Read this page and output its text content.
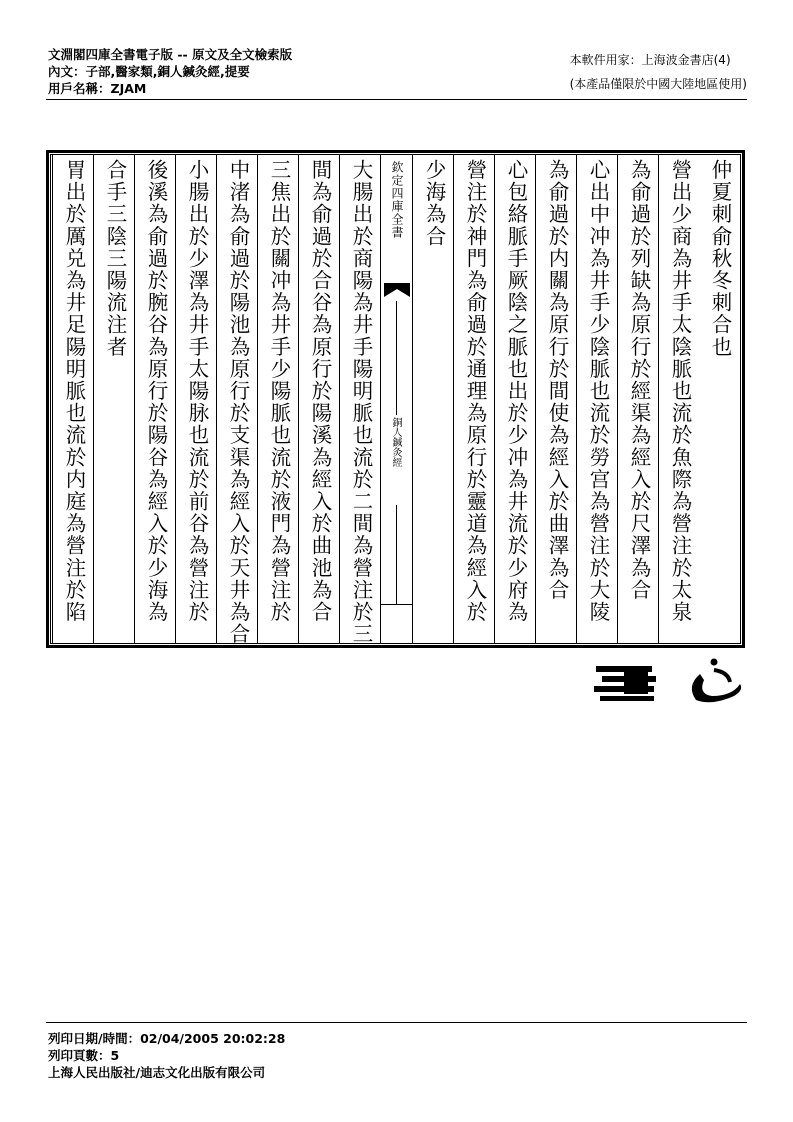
文淵閣四庫全書電子版 -- 原文及全文檢索版
內文：子部,醫家類,銅人鍼灸經,提要
用戶名稱：ZJAM
本軟件用家：上海波金書店(4)
(本產品僅限於中國大陸地區使用)

仲夏刺俞秋冬刺合也

營出少商為井手太陰脈也流於魚際為營注於太泉

為俞過於列缺為原行於經渠為經入於尺澤為合

心出中冲為井手少陰脈也流於勞宫為營注於大陵

為俞過於内關為原行於間使為經入於曲澤為合

心包絡脈手厥陰之脈也出於少冲為井流於少府為

營注於神門為俞過於通理為原行於靈道為經入於

少海為合

欽定四庫全書
銅人鍼灸經

大腸出於商陽為井手陽明脈也流於二間為營注於三

間為俞過於合谷為原行於陽溪為經入於曲池為合

三焦出於關冲為井手少陽脈也流於液門為營注於

中渚為俞過於陽池為原行於支渠為經入於天井為合

小腸出於少澤為井手太陽脉也流於前谷為營注於

後溪為俞過於腕谷為原行於陽谷為經入於少海為

合手三陰三陽流注者

胃出於厲兑為井足陽明脈也流於内庭為營注於陷

列印日期/時間：02/04/2005 20:02:28
列印頁數：5
上海人民出版社/迪志文化出版有限公司
